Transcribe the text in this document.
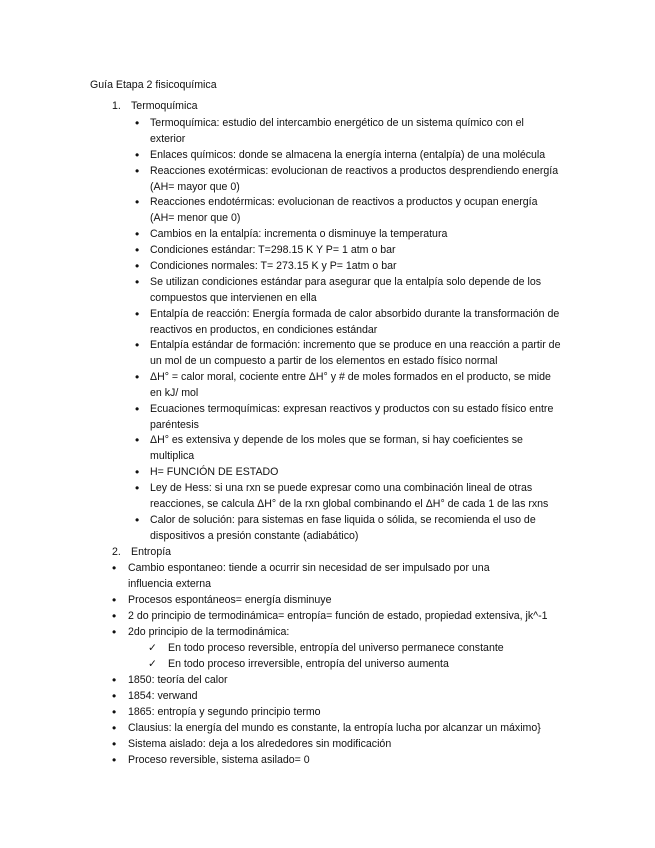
Guía Etapa 2 fisicoquímica
1. Termoquímica
• Termoquímica: estudio del intercambio energético de un sistema químico con el exterior
• Enlaces químicos: donde se almacena la energía interna (entalpía) de una molécula
• Reacciones exotérmicas: evolucionan de reactivos a productos desprendiendo energía (AH= mayor que 0)
• Reacciones endotérmicas: evolucionan de reactivos a productos y ocupan energía (AH= menor que 0)
• Cambios en la entalpía: incrementa o disminuye la temperatura
• Condiciones estándar: T=298.15 K Y P= 1 atm o bar
• Condiciones normales: T= 273.15 K y P= 1atm o bar
• Se utilizan condiciones estándar para asegurar que la entalpía solo depende de los compuestos que intervienen en ella
• Entalpía de reacción: Energía formada de calor absorbido durante la transformación de reactivos en productos, en condiciones estándar
• Entalpía estándar de formación: incremento que se produce en una reacción a partir de un mol de un compuesto a partir de los elementos en estado físico normal
• ΔH° = calor moral, cociente entre ΔH° y # de moles formados en el producto, se mide en kJ/ mol
• Ecuaciones termoquímicas: expresan reactivos y productos con su estado físico entre paréntesis
• ΔH° es extensiva y depende de los moles que se forman, si hay coeficientes se multiplica
• H= FUNCIÓN DE ESTADO
• Ley de Hess: si una rxn se puede expresar como una combinación lineal de otras reacciones, se calcula ΔH° de la rxn global combinando el ΔH° de cada 1 de las rxns
• Calor de solución: para sistemas en fase liquida o sólida, se recomienda el uso de dispositivos a presión constante (adiabático)
2. Entropía
• Cambio espontaneo: tiende a ocurrir sin necesidad de ser impulsado por una influencia externa
• Procesos espontáneos= energía disminuye
• 2 do principio de termodinámica= entropía= función de estado, propiedad extensiva, jk^-1
• 2do principio de la termodinámica:
✓ En todo proceso reversible, entropía del universo permanece constante
✓ En todo proceso irreversible, entropía del universo aumenta
• 1850: teoría del calor
• 1854: verwand
• 1865: entropía y segundo principio termo
• Clausius: la energía del mundo es constante, la entropía lucha por alcanzar un máximo}
• Sistema aislado: deja a los alrededores sin modificación
• Proceso reversible, sistema asilado= 0
